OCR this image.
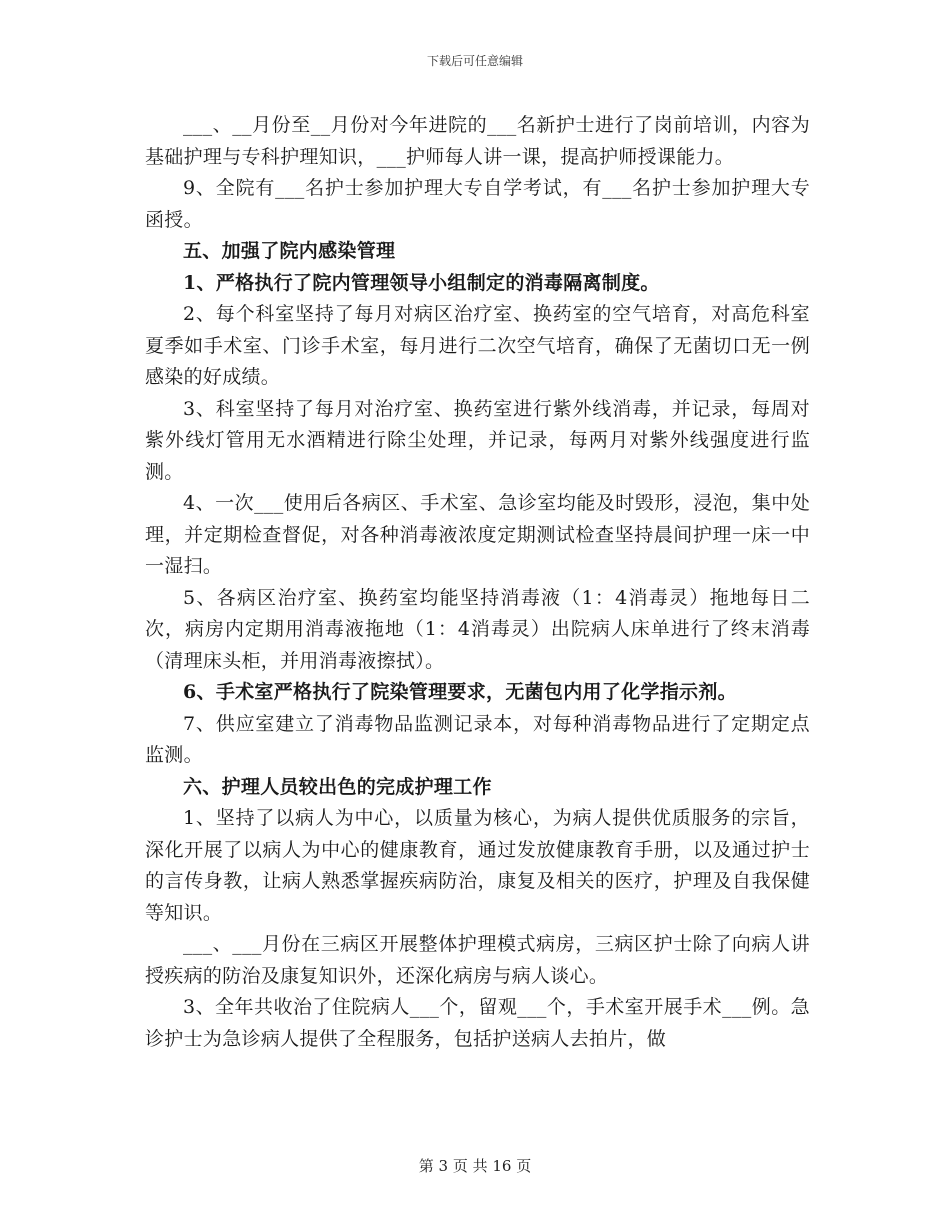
下载后可任意编辑

___、__月份至__月份对今年进院的___名新护士进行了岗前培训，内容为基础护理与专科护理知识，___护师每人讲一课，提高护师授课能力。

9、全院有___名护士参加护理大专自学考试，有___名护士参加护理大专函授。

五、加强了院内感染管理

1、严格执行了院内管理领导小组制定的消毒隔离制度。

2、每个科室坚持了每月对病区治疗室、换药室的空气培育，对高危科室夏季如手术室、门诊手术室，每月进行二次空气培育，确保了无菌切口无一例感染的好成绩。

3、科室坚持了每月对治疗室、换药室进行紫外线消毒，并记录，每周对紫外线灯管用无水酒精进行除尘处理，并记录，每两月对紫外线强度进行监测。

4、一次___使用后各病区、手术室、急诊室均能及时毁形，浸泡，集中处理，并定期检查督促，对各种消毒液浓度定期测试检查坚持晨间护理一床一中一湿扫。

5、各病区治疗室、换药室均能坚持消毒液（1：4消毒灵）拖地每日二次，病房内定期用消毒液拖地（1：4消毒灵）出院病人床单进行了终末消毒（清理床头柜，并用消毒液擦拭）。

6、手术室严格执行了院染管理要求，无菌包内用了化学指示剂。

7、供应室建立了消毒物品监测记录本，对每种消毒物品进行了定期定点监测。

六、护理人员较出色的完成护理工作

1、坚持了以病人为中心，以质量为核心，为病人提供优质服务的宗旨，深化开展了以病人为中心的健康教育，通过发放健康教育手册，以及通过护士的言传身教，让病人熟悉掌握疾病防治，康复及相关的医疗，护理及自我保健等知识。

___、___月份在三病区开展整体护理模式病房，三病区护士除了向病人讲授疾病的防治及康复知识外，还深化病房与病人谈心。

3、全年共收治了住院病人___个，留观___个，手术室开展手术___例。急诊护士为急诊病人提供了全程服务，包括护送病人去拍片，做

第 3 页 共 16 页
